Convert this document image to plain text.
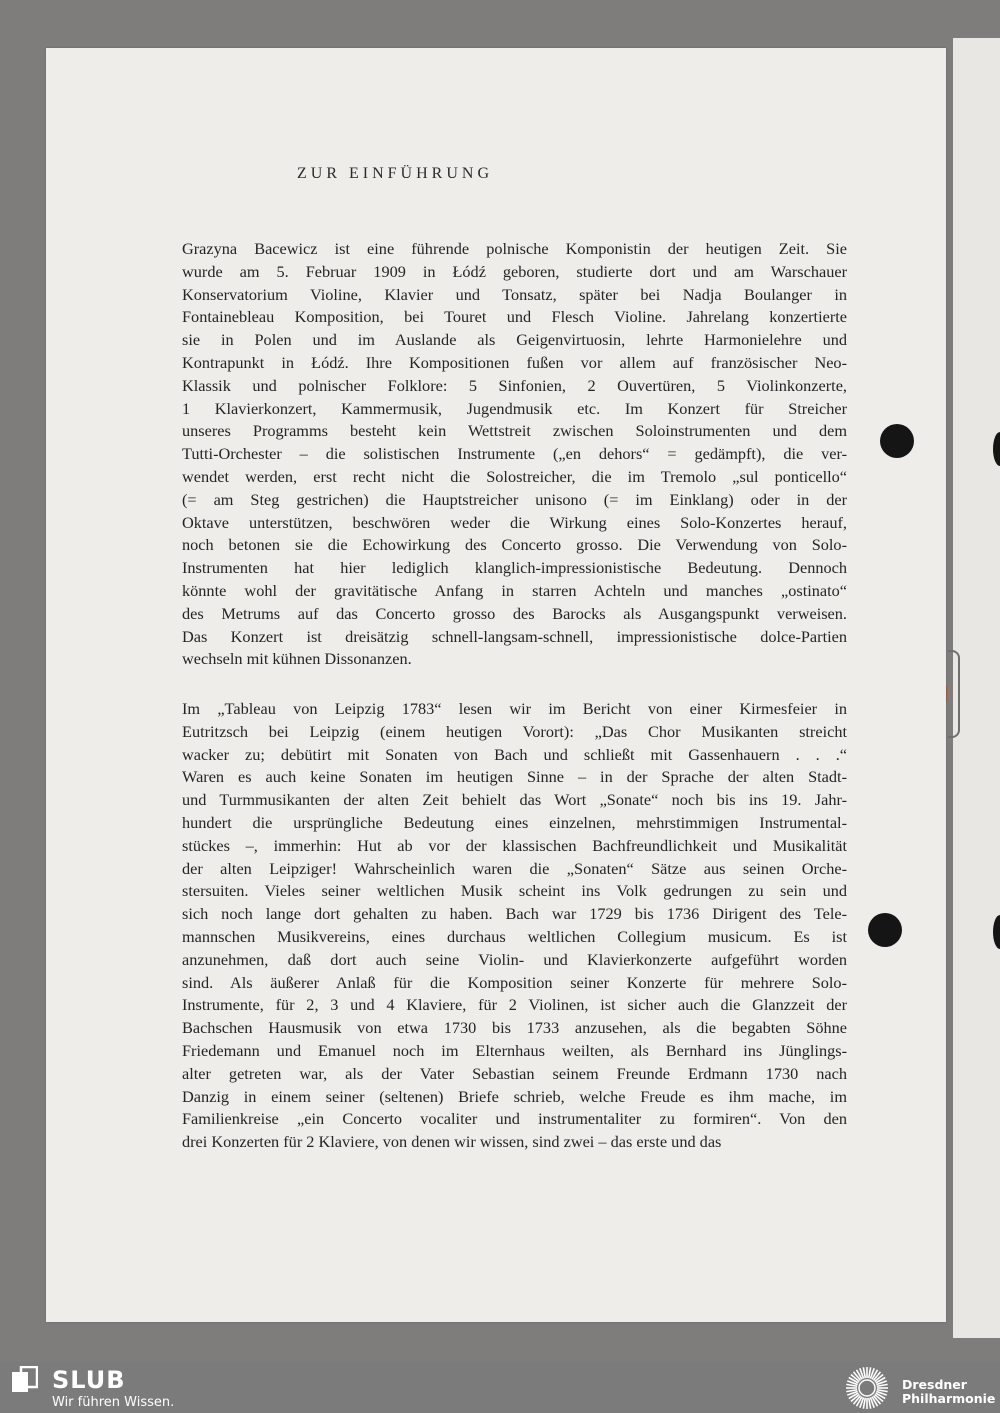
ZUR EINFÜHRUNG
Grazyna Bacewicz ist eine führende polnische Komponistin der heutigen Zeit. Sie
wurde am 5. Februar 1909 in Łódź geboren, studierte dort und am Warschauer
Konservatorium Violine, Klavier und Tonsatz, später bei Nadja Boulanger in
Fontainebleau Komposition, bei Touret und Flesch Violine. Jahrelang konzertierte
sie in Polen und im Auslande als Geigenvirtuosin, lehrte Harmonielehre und
Kontrapunkt in Łódź. Ihre Kompositionen fußen vor allem auf französischer Neo-
Klassik und polnischer Folklore: 5 Sinfonien, 2 Ouvertüren, 5 Violinkonzerte,
1 Klavierkonzert, Kammermusik, Jugendmusik etc. Im Konzert für Streicher
unseres Programms besteht kein Wettstreit zwischen Soloinstrumenten und dem
Tutti-Orchester – die solistischen Instrumente („en dehors“ = gedämpft), die ver-
wendet werden, erst recht nicht die Solostreicher, die im Tremolo „sul ponticello“
(= am Steg gestrichen) die Hauptstreicher unisono (= im Einklang) oder in der
Oktave unterstützen, beschwören weder die Wirkung eines Solo-Konzertes herauf,
noch betonen sie die Echowirkung des Concerto grosso. Die Verwendung von Solo-
Instrumenten hat hier lediglich klanglich-impressionistische Bedeutung. Dennoch
könnte wohl der gravitätische Anfang in starren Achteln und manches „ostinato“
des Metrums auf das Concerto grosso des Barocks als Ausgangspunkt verweisen.
Das Konzert ist dreisätzig schnell-langsam-schnell, impressionistische dolce-Partien
wechseln mit kühnen Dissonanzen.
Im „Tableau von Leipzig 1783“ lesen wir im Bericht von einer Kirmesfeier in
Eutritzsch bei Leipzig (einem heutigen Vorort): „Das Chor Musikanten streicht
wacker zu; debütirt mit Sonaten von Bach und schließt mit Gassenhauern . . .“
Waren es auch keine Sonaten im heutigen Sinne – in der Sprache der alten Stadt-
und Turmmusikanten der alten Zeit behielt das Wort „Sonate“ noch bis ins 19. Jahr-
hundert die ursprüngliche Bedeutung eines einzelnen, mehrstimmigen Instrumental-
stückes –, immerhin: Hut ab vor der klassischen Bachfreundlichkeit und Musikalität
der alten Leipziger! Wahrscheinlich waren die „Sonaten“ Sätze aus seinen Orche-
stersuiten. Vieles seiner weltlichen Musik scheint ins Volk gedrungen zu sein und
sich noch lange dort gehalten zu haben. Bach war 1729 bis 1736 Dirigent des Tele-
mannschen Musikvereins, eines durchaus weltlichen Collegium musicum. Es ist
anzunehmen, daß dort auch seine Violin- und Klavierkonzerte aufgeführt worden
sind. Als äußerer Anlaß für die Komposition seiner Konzerte für mehrere Solo-
Instrumente, für 2, 3 und 4 Klaviere, für 2 Violinen, ist sicher auch die Glanzzeit der
Bachschen Hausmusik von etwa 1730 bis 1733 anzusehen, als die begabten Söhne
Friedemann und Emanuel noch im Elternhaus weilten, als Bernhard ins Jünglings-
alter getreten war, als der Vater Sebastian seinem Freunde Erdmann 1730 nach
Danzig in einem seiner (seltenen) Briefe schrieb, welche Freude es ihm mache, im
Familienkreise „ein Concerto vocaliter und instrumentaliter zu formiren“. Von den
drei Konzerten für 2 Klaviere, von denen wir wissen, sind zwei – das erste und das
SLUB
Wir führen Wissen.
Dresdner
Philharmonie
